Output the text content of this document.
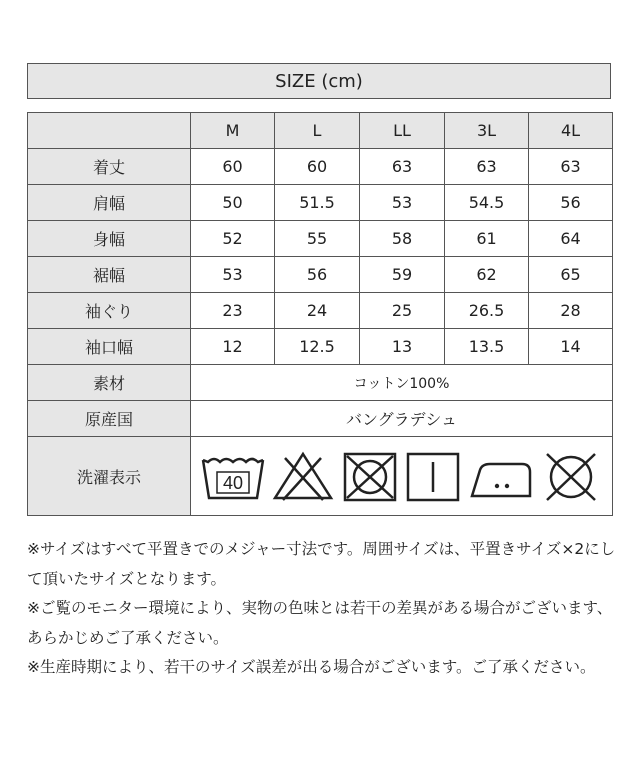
SIZE (cm)
	M	L	LL	3L	4L
着丈	60	60	63	63	63
肩幅	50	51.5	53	54.5	56
身幅	52	55	58	61	64
裾幅	53	56	59	62	65
袖ぐり	23	24	25	26.5	28
袖口幅	12	12.5	13	13.5	14
素材	コットン100%				
原産国	バングラデシュ				
洗濯表示	40				

※サイズはすべて平置きでのメジャー寸法です。周囲サイズは、平置きサイズ×2にして頂いたサイズとなります。

※ご覧のモニター環境により、実物の色味とは若干の差異がある場合がございます、あらかじめご了承ください。

※生産時期により、若干のサイズ誤差が出る場合がございます。ご了承ください。
